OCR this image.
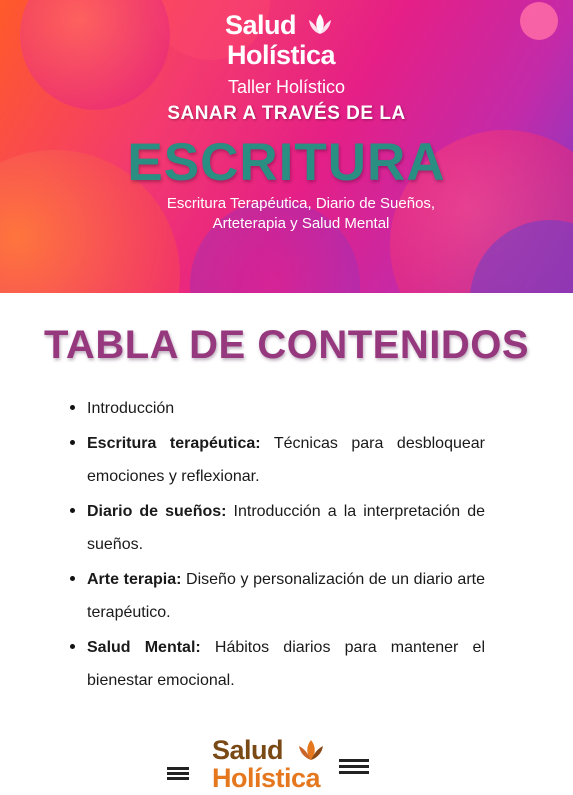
Salud
Holística
Taller Holístico
SANAR A TRAVÉS DE LA
ESCRITURA
Escritura Terapéutica, Diario de Sueños,
Arteterapia y Salud Mental
TABLA DE CONTENIDOS
Introducción
Escritura terapéutica: Técnicas para desbloquear emociones y reflexionar.
Diario de sueños: Introducción a la interpretación de sueños.
Arte terapia: Diseño y personalización de un diario arte terapéutico.
Salud Mental: Hábitos diarios para mantener el bienestar emocional.
Salud
Holística
